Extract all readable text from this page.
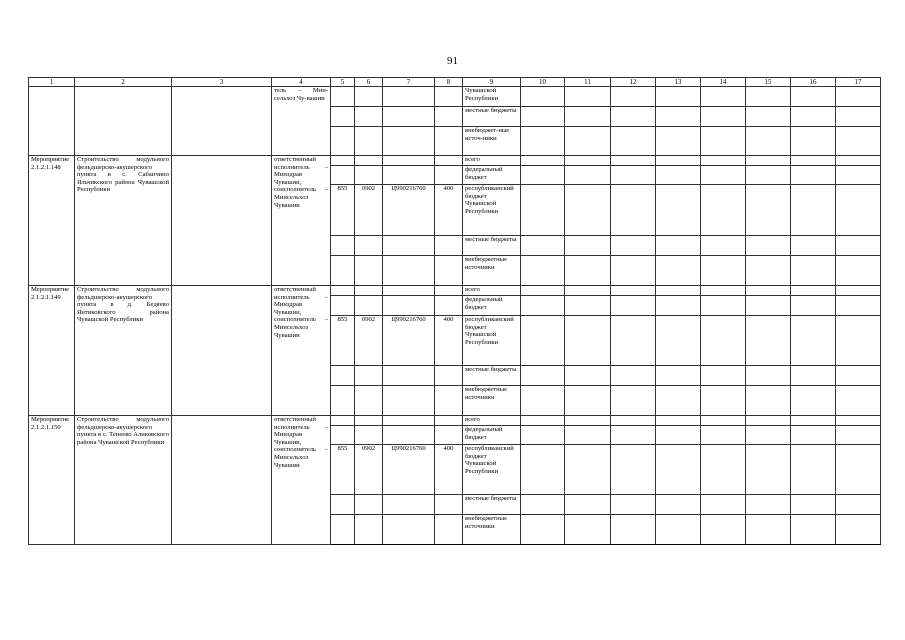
91
1	2	3	4	5	6	7	8	9	10	11	12	13	14	15	16	17
			тель – Мин-сельхоз Чу-вашии					Чувашской Республики								
								местные бюджеты								
								внебюджет-ные источ-ники								
Мероприятие 2.1.2.1.148	Строительство модульного фельдшерско-акушерского пункта в с. Сабанчино Яльчикского района Чувашской Республики		ответственный исполнитель – Минздрав Чувашии, соисполнитель – Минсельхоз Чувашии					всего								
								федеральный бюджет								
				855	0902	Ц990216760	400	республиканский бюджет Чувашской Республики								
								местные бюджеты								
								внебюджетные источники								
Мероприятие 2.1.2.1.149	Строительство модульного фельдшерско-акушерского пункта в д. Бедяево Янтиковского района Чувашской Республики		ответственный исполнитель – Минздрав Чувашии, соисполнитель – Минсельхоз Чувашии					всего								
								федеральный бюджет								
				855	0902	Ц990216760	400	республиканский бюджет Чувашской Республики								
								местные бюджеты								
								внебюджетные источники								
Мероприятие 2.1.2.1.150	Строительство модульного фельдшерско-акушерского пункта в с. Тенеево Аликовского района Чувашской Республики		ответственный исполнитель – Минздрав Чувашии, соисполнитель – Минсельхоз Чувашии					всего								
								федеральный бюджет								
				855	0902	Ц990216760	400	республиканский бюджет Чувашской Республики								
								местные бюджеты								
								внебюджетные источники								
